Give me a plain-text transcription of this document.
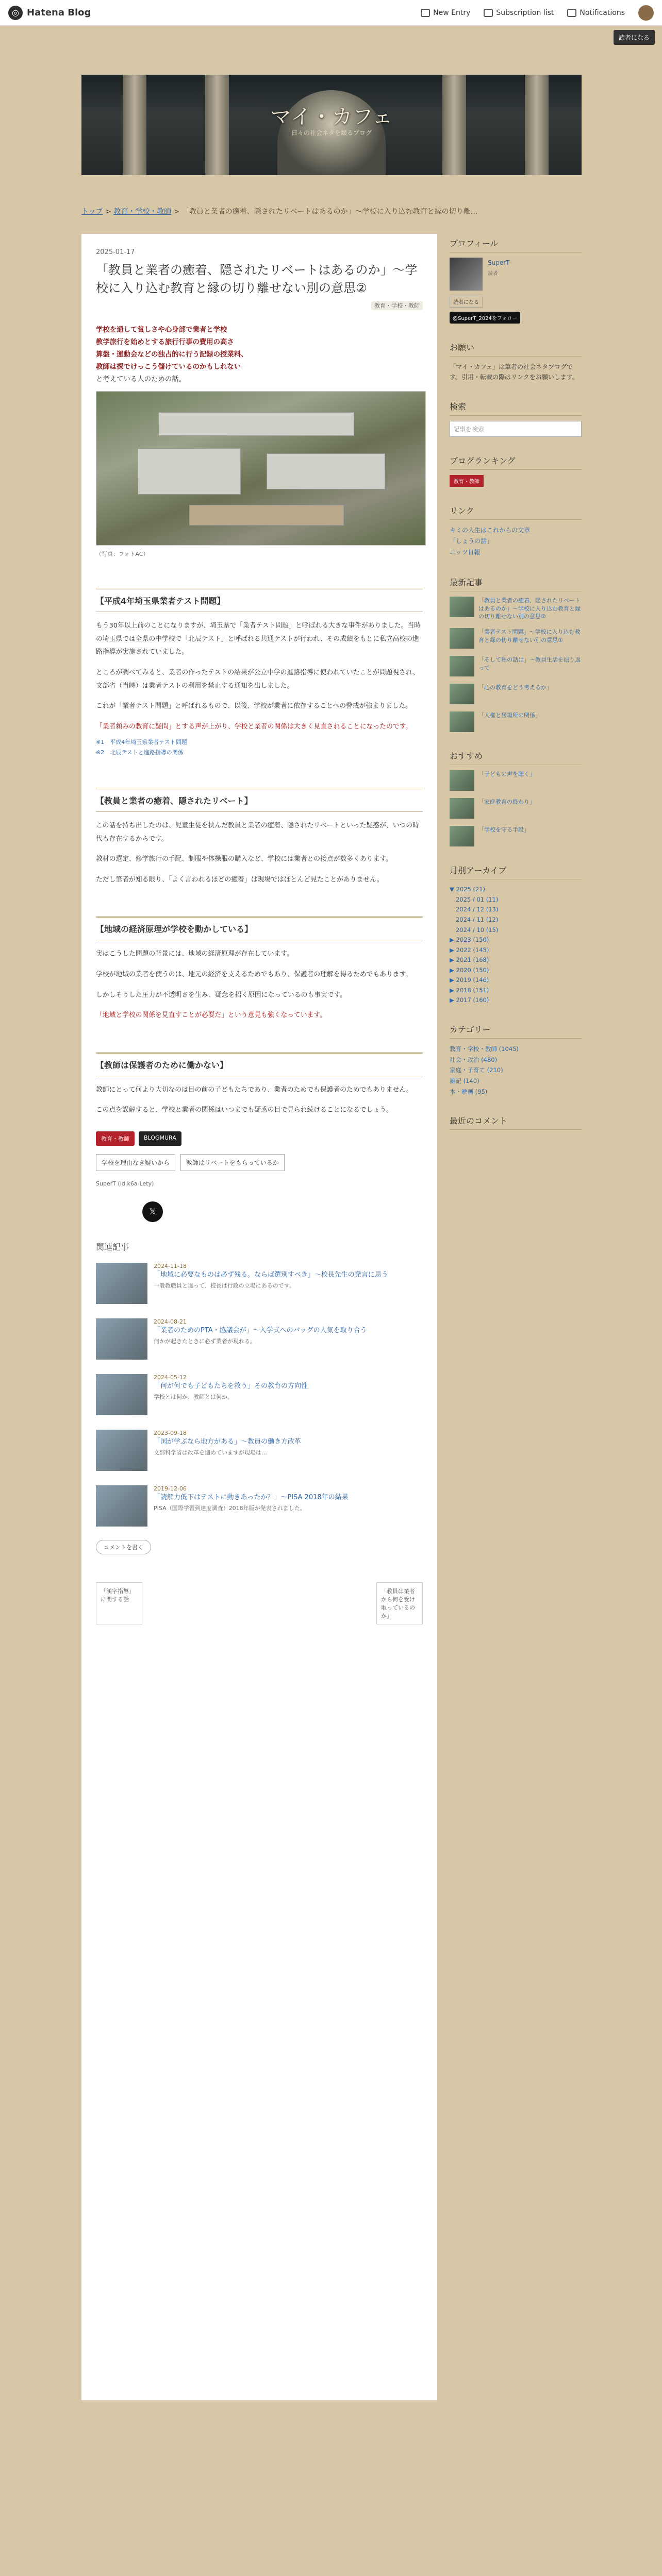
◎ Hatena Blog	New Entry	Subscription list	Notifications
読者になる
マイ・カフェ
日々の社会ネタを綴るブログ
トップ > 教育・学校・教師 > 「教員と業者の癒着、隠されたリベートはあるのか」〜学校に入り込む教育と縁の切り離…
2025-01-17
「教員と業者の癒着、隠されたリベートはあるのか」〜学校に入り込む教育と縁の切り離せない別の意思②
教育・学校・教師
学校を通して貧しさや心身部で業者と学校
教学旅行を始めとする旅行行事の費用の高さ
算盤・運動会などの独占的に行う記録の授業料、
教師は探でけっこう儲けているのかもしれない
と考えている人のための話。
（写真：フォトAC）
【平成4年埼玉県業者テスト問題】

もう30年以上前のことになりますが、埼玉県で「業者テスト問題」と呼ばれる大きな事件がありました。当時の埼玉県では全県の中学校で「北辰テスト」と呼ばれる共通テストが行われ、その成績をもとに私立高校の進路指導が実施されていました。

ところが調べてみると、業者の作ったテストの結果が公立中学の進路指導に使われていたことが問題視され、文部省（当時）は業者テストの利用を禁止する通知を出しました。

これが「業者テスト問題」と呼ばれるもので、以後、学校が業者に依存することへの警戒が強まりました。

「業者頼みの教育に疑問」とする声が上がり、学校と業者の関係は大きく見直されることになったのです。

※1　平成4年埼玉県業者テスト問題
※2　北辰テストと進路指導の関係
【教員と業者の癒着、隠されたリベート】

この話を持ち出したのは、児童生徒を挟んだ教員と業者の癒着、隠されたリベートといった疑惑が、いつの時代も存在するからです。

教材の選定、修学旅行の手配、制服や体操服の購入など、学校には業者との接点が数多くあります。

ただし筆者が知る限り、「よく言われるほどの癒着」は現場ではほとんど見たことがありません。

【地域の経済原理が学校を動かしている】

実はこうした問題の背景には、地域の経済原理が存在しています。

学校が地域の業者を使うのは、地元の経済を支えるためでもあり、保護者の理解を得るためでもあります。

しかしそうした圧力が不透明さを生み、疑念を招く原因になっているのも事実です。

「地域と学校の関係を見直すことが必要だ」という意見も強くなっています。

【教師は保護者のために働かない】

教師にとって何より大切なのは目の前の子どもたちであり、業者のためでも保護者のためでもありません。

この点を誤解すると、学校と業者の関係はいつまでも疑惑の目で見られ続けることになるでしょう。

教育・教師	BLOGMURA
学校を理由なき疑いから	教師はリベートをもらっているか
SuperT (id:k6a-Lety)
𝕏
関連記事
2024-11-18
「地域に必要なものは必ず残る。ならば選別すべき」〜校長先生の発言に思う
一般教職員と違って、校長は行政の立場にあるのです。
2024-08-21
「業者のためのPTA・協議会が」〜入学式へのバッグの人気を取り合う
何かが起きたときに必ず業者が現れる。
2024-05-12
「何が何でも子どもたちを救う」その教育の方向性
学校とは何か、教師とは何か。
2023-09-18
「国が学ぶなら地方がある」〜教員の働き方改革
文部科学省は改革を進めていますが現場は…
2019-12-06
「読解力低下はテストに動きあったか？」〜PISA 2018年の結果
PISA（国際学習到達度調査）2018年版が発表されました。
コメントを書く
「漢字指導」に関する話
「教員は業者から何を受け取っているのか」
プロフィール
SuperT
読者
読者になる
@SuperT_2024をフォロー
お願い
「マイ・カフェ」は筆者の社会ネタブログです。引用・転載の際はリンクをお願いします。
検索
記事を検索
ブログランキング
教育・教師
リンク
キミの人生はこれからの文章
「しょうの話」
ニッツ日報
最新記事
「教員と業者の癒着、隠されたリベートはあるのか」〜学校に入り込む教育と縁の切り離せない別の意思②
「業者テスト問題」〜学校に入り込む教育と縁の切り離せない別の意思①
「そして私の話は」〜教員生活を振り返って
「心の教育をどう考えるか」
「人権と居場所の関係」
おすすめ
「子どもの声を聴く」
「家庭教育の終わり」
「学校を守る手段」
月別アーカイブ
▼ 2025 (21)
2025 / 01 (11)
2024 / 12 (13)
2024 / 11 (12)
2024 / 10 (15)
▶ 2023 (150)
▶ 2022 (145)
▶ 2021 (168)
▶ 2020 (150)
▶ 2019 (146)
▶ 2018 (151)
▶ 2017 (160)
カテゴリー
教育・学校・教師 (1045)
社会・政治 (480)
家庭・子育て (210)
雑記 (140)
本・映画 (95)
最近のコメント
